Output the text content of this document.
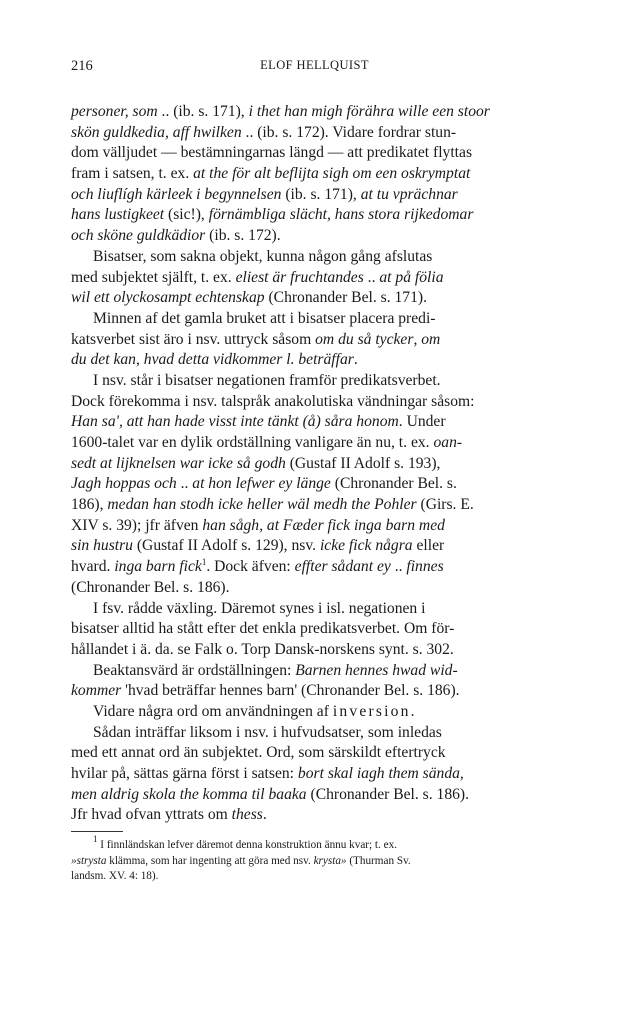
216	ELOF HELLQUIST
personer, som .. (ib. s. 171), i thet han migh förährа wille een stoor
skön guldkedia, aff hwilken .. (ib. s. 172). Vidare fordrar stun-
dom välljudet — bestämningarnas längd — att predikatet flyttas
fram i satsen, t. ex. at the för alt beflijta sigh om een oskrymptat
och liuflígh kärleek i begynnelsen (ib. s. 171), at tu vprächnar
hans lustigkeet (sic!), förnämbliga slächt, hans stora rijkedomar
och sköne guldkädior (ib. s. 172).
Bisatser, som sakna objekt, kunna någon gång afslutas
med subjektet själft, t. ex. eliest är fruchtandes .. at på fölia
wil ett olyckosampt echtenskap (Chronander Bel. s. 171).
Minnen af det gamla bruket att i bisatser placera predi-
katsverbet sist äro i nsv. uttryck såsom om du så tycker, om
du det kan, hvad detta vidkommer l. beträffar.
I nsv. står i bisatser negationen framför predikatsverbet.
Dock förekomma i nsv. talspråk anakolutiska vändningar såsom:
Han sa', att han hade visst inte tänkt (å) såra honom. Under
1600-talet var en dylik ordställning vanligare än nu, t. ex. oan-
sedt at lijknelsen war icke så godh (Gustaf II Adolf s. 193),
Jagh hoppas och .. at hon lefwer ey länge (Chronander Bel. s.
186), medan han stodh icke heller wäl medh the Pohler (Girs. E.
XIV s. 39); jfr äfven han sågh, at Fæder fick inga barn med
sin hustru (Gustaf II Adolf s. 129), nsv. icke fick några eller
hvard. inga barn fick$^1$. Dock äfven: effter sådant ey .. finnes
(Chronander Bel. s. 186).
I fsv. rådde växling. Däremot synes i isl. negationen i
bisatser alltid ha stått efter det enkla predikatsverbet. Om för-
hållandet i ä. da. se Falk o. Torp Dansk-norskens synt. s. 302.
Beaktansvärd är ordställningen: Barnen hennes hwad wid-
kommer 'hvad beträffar hennes barn' (Chronander Bel. s. 186).
Vidare några ord om användningen af inversion.
Sådan inträffar liksom i nsv. i hufvudsatser, som inledas
med ett annat ord än subjektet. Ord, som särskildt eftertryck
hvilar på, sättas gärna först i satsen: bort skal iagh them sända,
men aldrig skola the komma til baaka (Chronander Bel. s. 186).
Jfr hvad ofvan yttrats om thess.
$^1$ I finnländskan lefver däremot denna konstruktion ännu kvar; t. ex.
»strysta klämma, som har ingenting att göra med nsv. krysta» (Thurman Sv.
landsm. XV. 4: 18).
